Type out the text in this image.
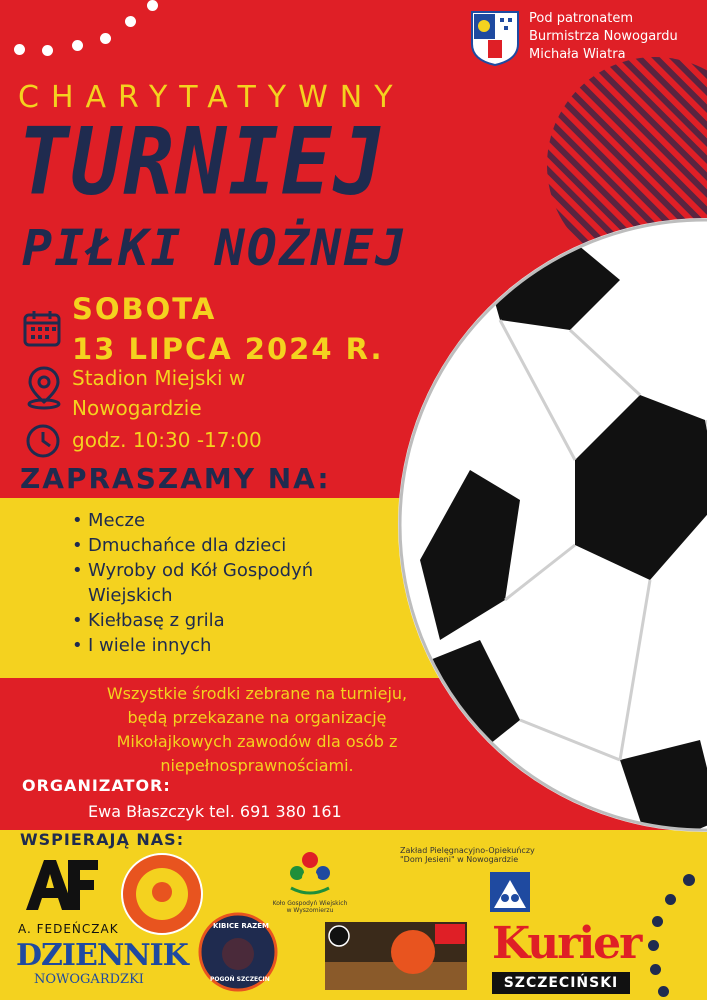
Pod patronatem
Burmistrza Nowogardu
Michała Wiatra
CHARYTATYWNY
TURNIEJ
PIŁKI NOŻNEJ
SOBOTA
13 LIPCA 2024 R.
Stadion Miejski w
Nowogardzie
godz. 10:30 -17:00
ZAPRASZAMY NA:
• Mecze
• Dmuchańce dla dzieci
• Wyroby od Kół Gospodyń
Wiejskich
• Kiełbasę z grila
• I wiele innych
Wszystkie środki zebrane na turnieju,
będą przekazane na organizację
Mikołajkowych zawodów dla osób z
niepełnosprawnościami.
ORGANIZATOR:
Ewa Błaszczyk tel. 691 380 161
WSPIERAJĄ NAS:
A. FEDEŃCZAK
Koło Gospodyń Wiejskich
w Wyszomierzu
Zakład Pielęgnacyjno-Opiekuńczy
"Dom Jesieni" w Nowogardzie
DZIENNIK
NOWOGARDZKI
KIBICE RAZEM
POGOŃ SZCZECIN
Kurier
SZCZECIŃSKI
